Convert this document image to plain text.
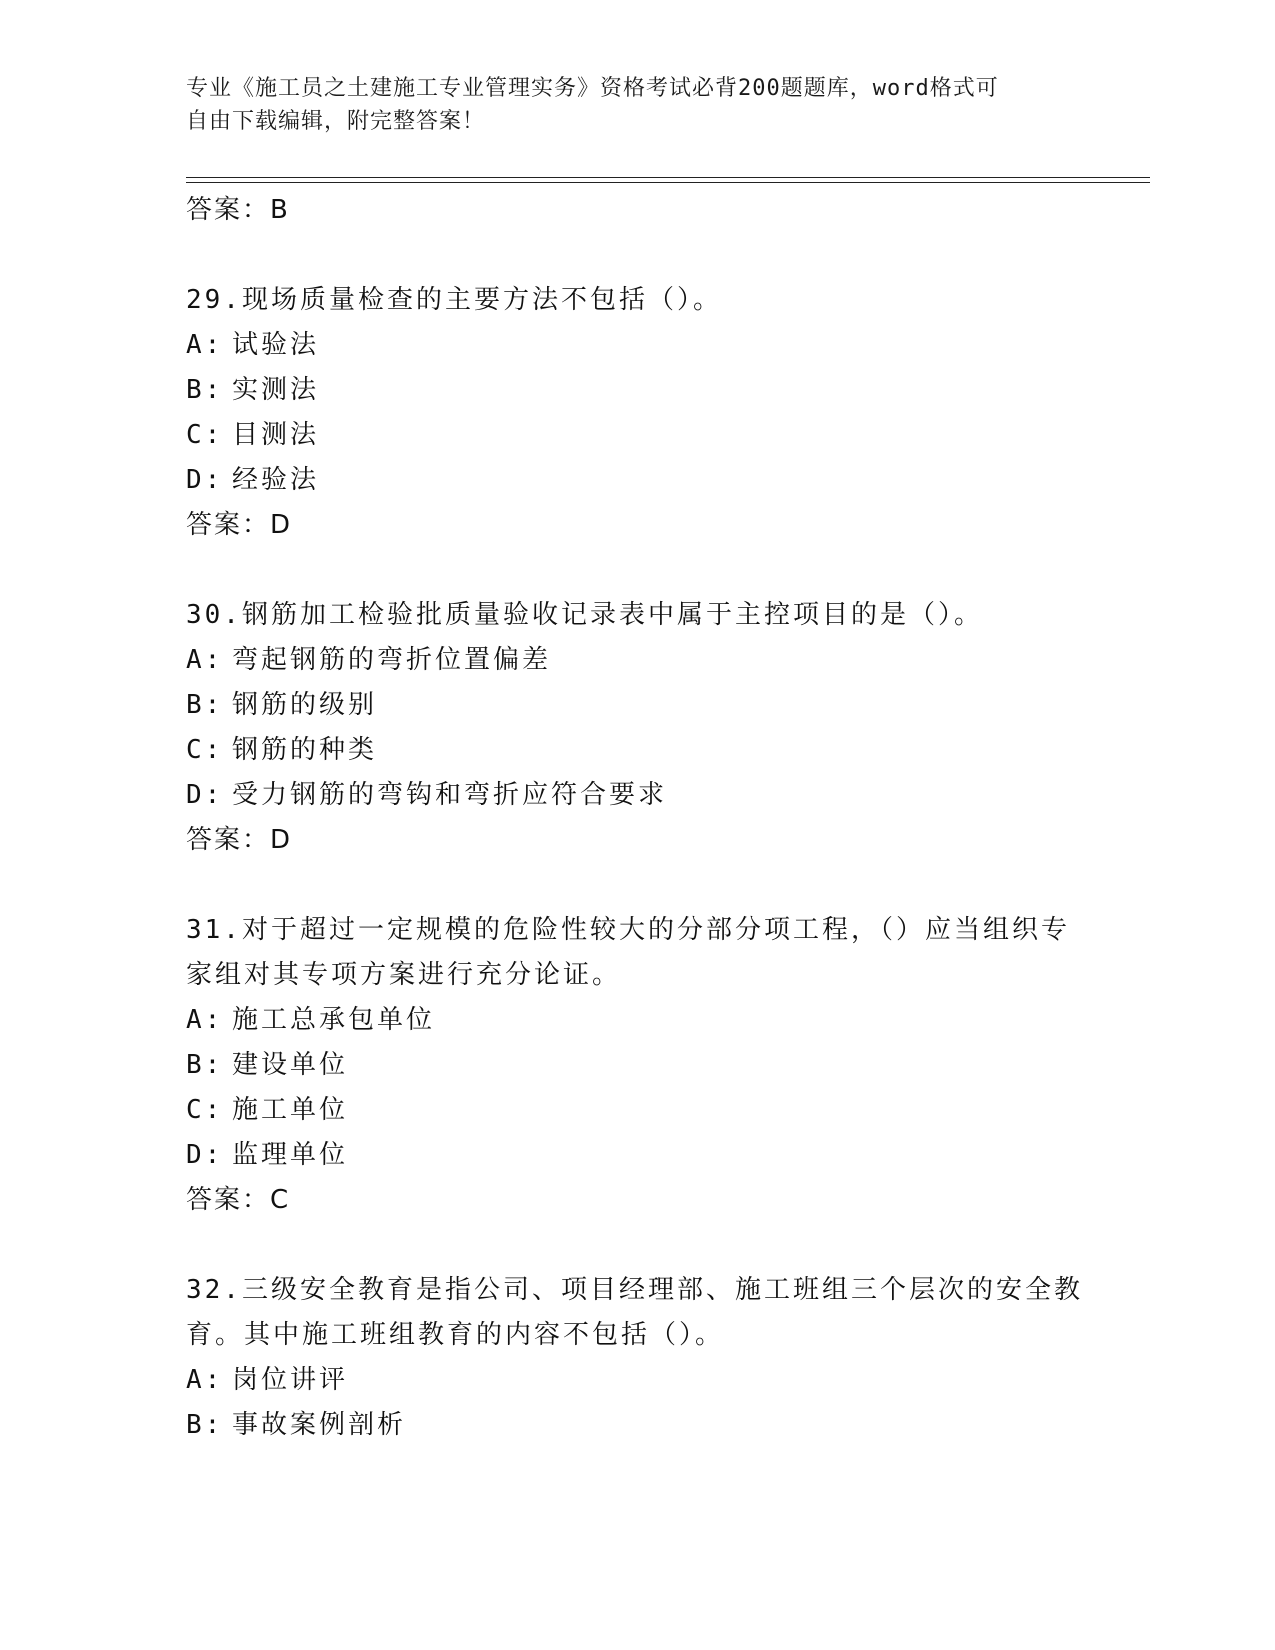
专业《施工员之土建施工专业管理实务》资格考试必背200题题库，word格式可
自由下载编辑，附完整答案！
答案：B
29.现场质量检查的主要方法不包括（）。
A: 试验法
B: 实测法
C: 目测法
D: 经验法
答案：D
30.钢筋加工检验批质量验收记录表中属于主控项目的是（）。
A: 弯起钢筋的弯折位置偏差
B: 钢筋的级别
C: 钢筋的种类
D: 受力钢筋的弯钩和弯折应符合要求
答案：D
31.对于超过一定规模的危险性较大的分部分项工程，（）应当组织专
家组对其专项方案进行充分论证。
A: 施工总承包单位
B: 建设单位
C: 施工单位
D: 监理单位
答案：C
32.三级安全教育是指公司、项目经理部、施工班组三个层次的安全教
育。其中施工班组教育的内容不包括（）。
A: 岗位讲评
B: 事故案例剖析
